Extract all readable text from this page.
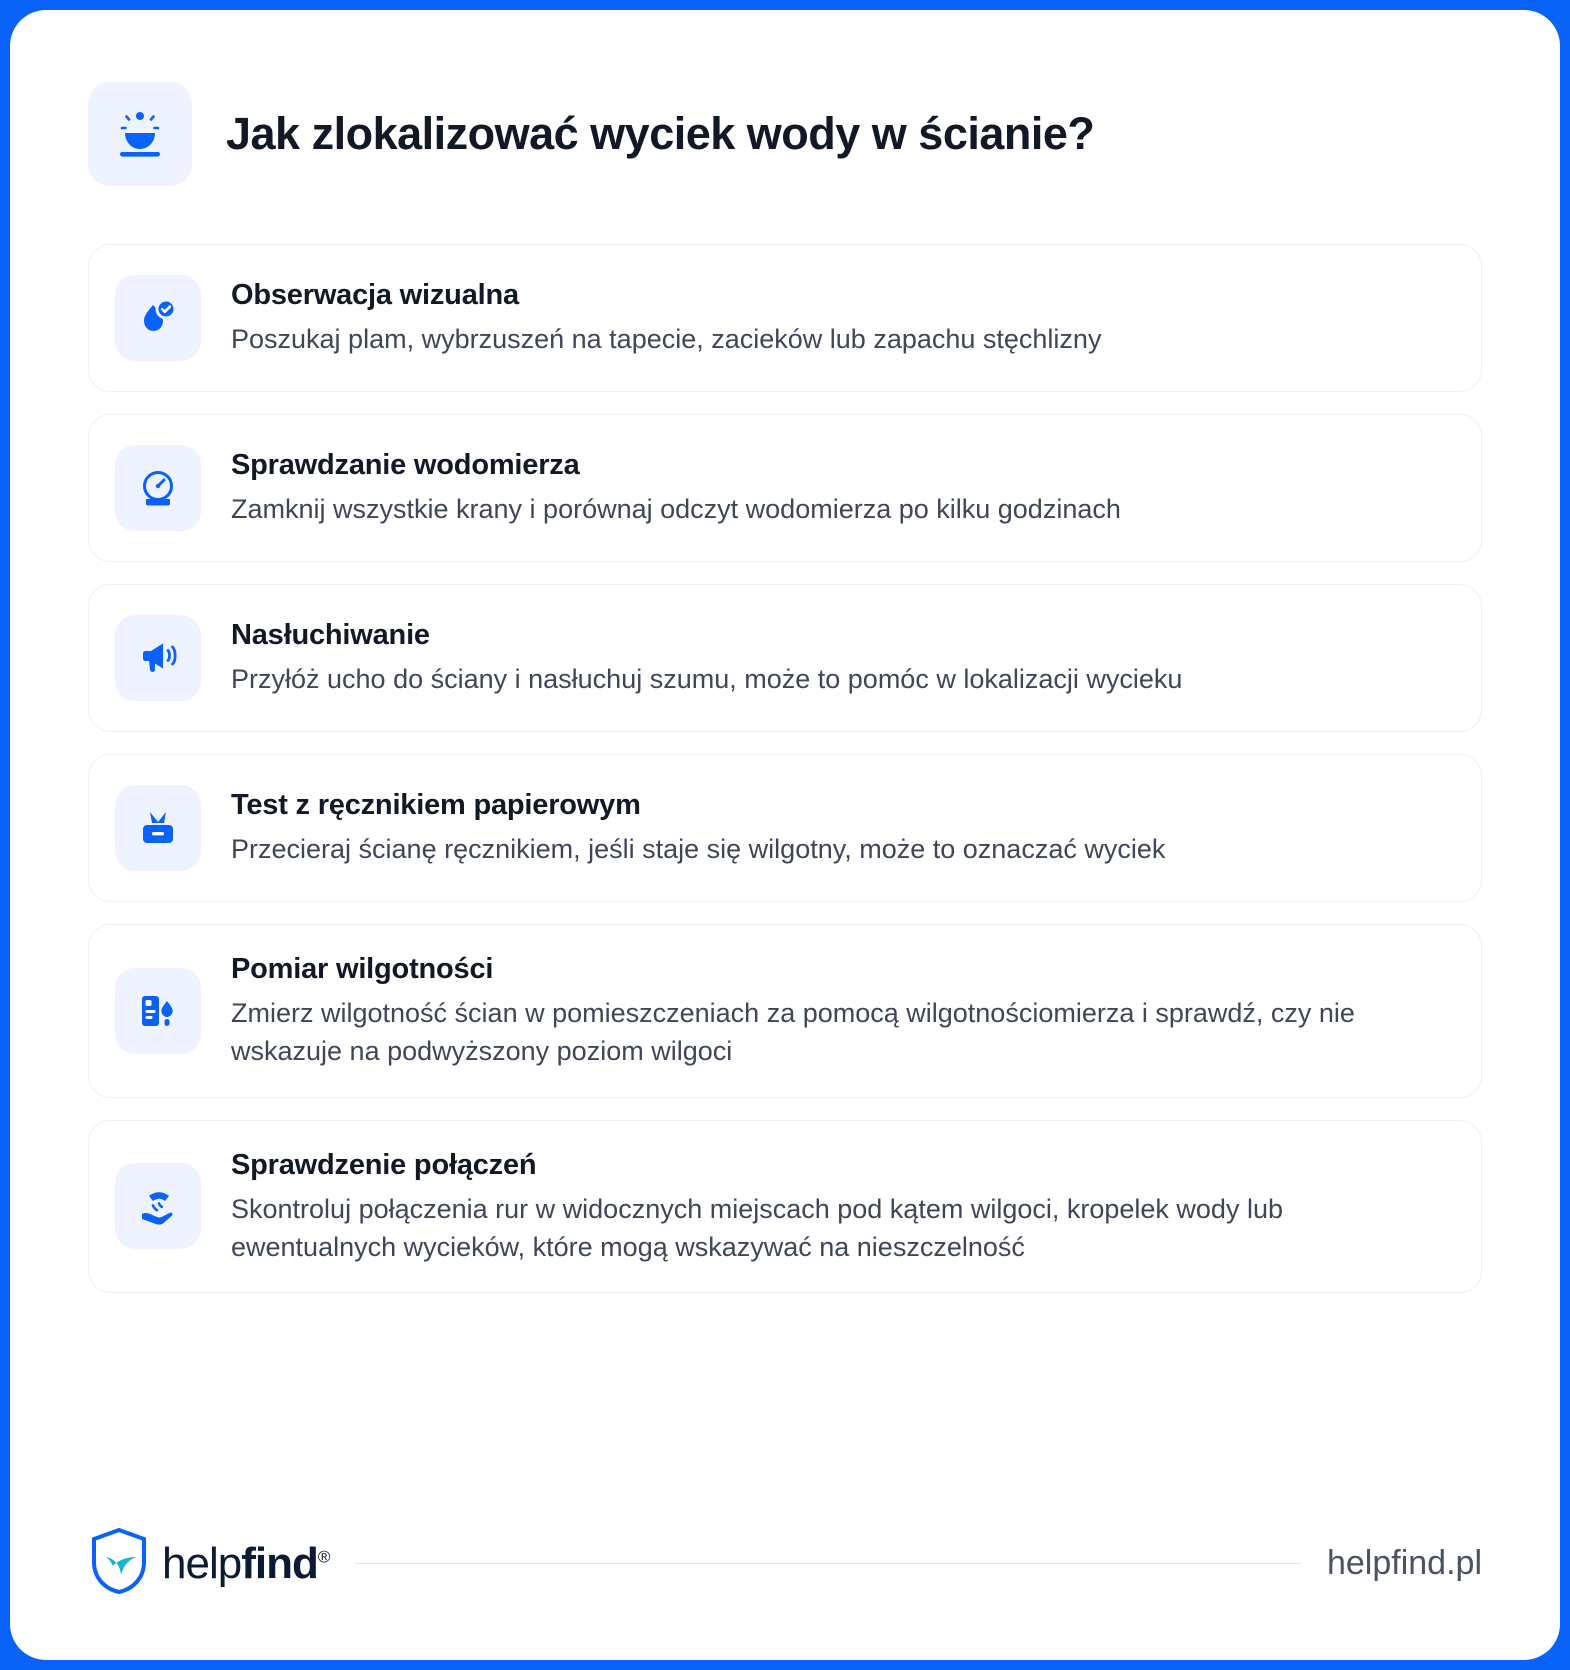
Jak zlokalizować wyciek wody w ścianie?
Obserwacja wizualna
Poszukaj plam, wybrzuszeń na tapecie, zacieków lub zapachu stęchlizny
Sprawdzanie wodomierza
Zamknij wszystkie krany i porównaj odczyt wodomierza po kilku godzinach
Nasłuchiwanie
Przyłóż ucho do ściany i nasłuchuj szumu, może to pomóc w lokalizacji wycieku
Test z ręcznikiem papierowym
Przecieraj ścianę ręcznikiem, jeśli staje się wilgotny, może to oznaczać wyciek
Pomiar wilgotności
Zmierz wilgotność ścian w pomieszczeniach za pomocą wilgotnościomierza i sprawdź, czy nie wskazuje na podwyższony poziom wilgoci
Sprawdzenie połączeń
Skontroluj połączenia rur w widocznych miejscach pod kątem wilgoci, kropelek wody lub ewentualnych wycieków, które mogą wskazywać na nieszczelność
helpfind®	helpfind.pl
